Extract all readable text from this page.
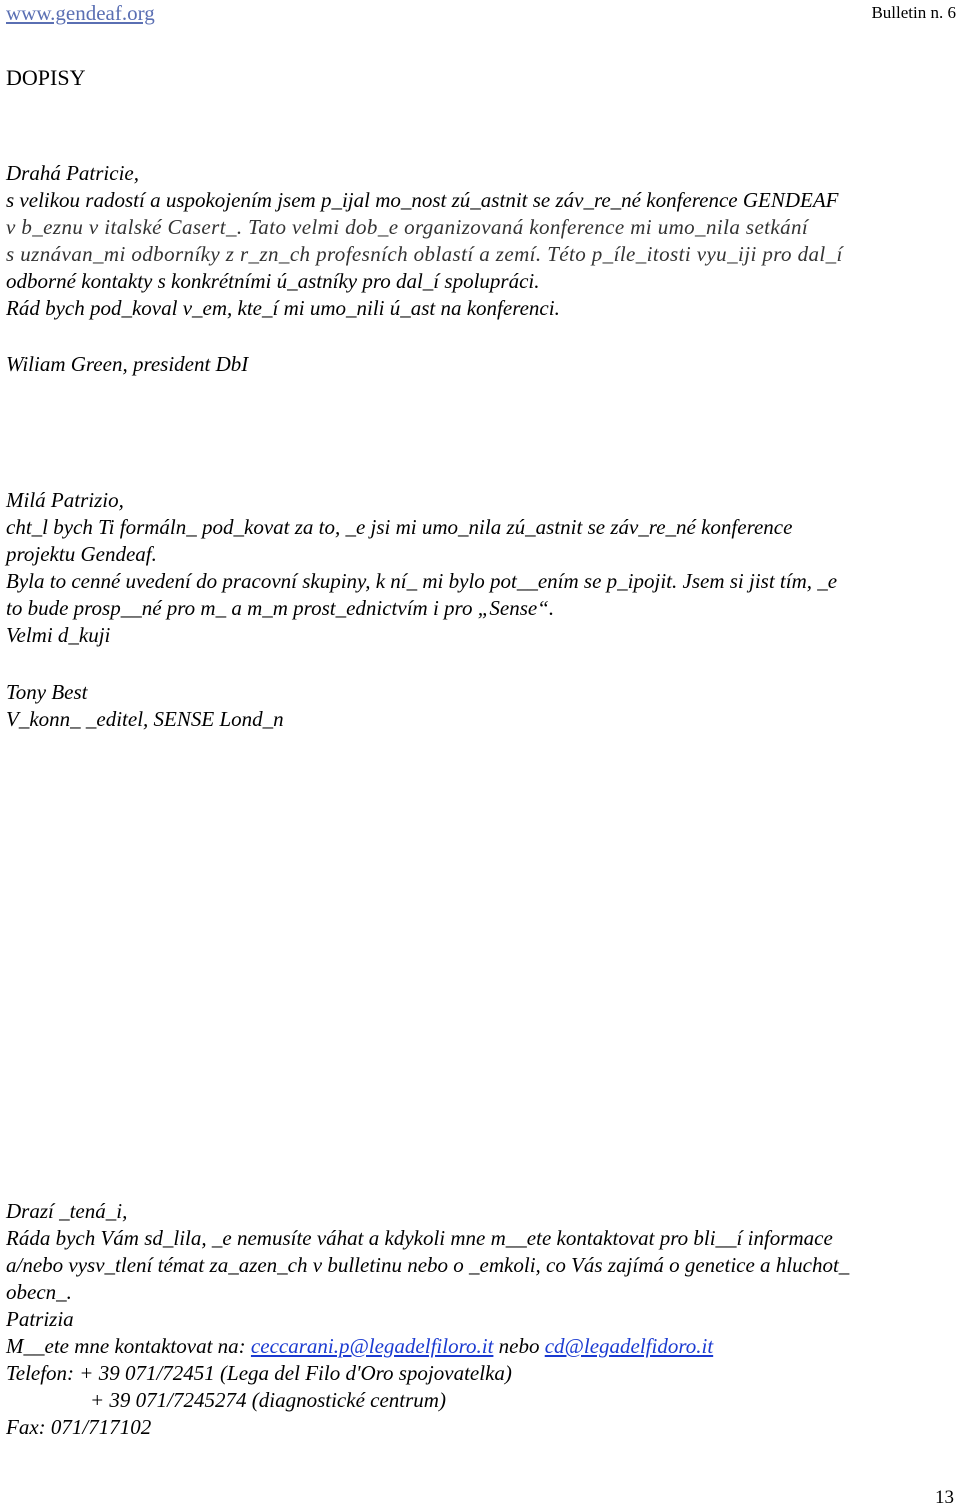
www.gendeaf.org	Bulletin n. 6
DOPISY
Drahá Patricie,
s velikou radostí a uspokojením jsem p_ijal mo_nost zú_astnit se záv_re_né konference GENDEAF
v b_eznu v italské Casert_. Tato velmi dob_e organizovaná konference mi umo_nila setkání
s uznávan_mi odborníky z r_zn_ch profesních oblastí a zemí. Této p_íle_itosti vyu_iji pro dal_í
odborné kontakty s konkrétními ú_astníky pro dal_í spolupráci.
Rád bych pod_koval v_em, kte_í mi umo_nili ú_ast na konferenci.
Wiliam Green, president DbI
Milá Patrizio,
cht_l bych Ti formáln_ pod_kovat za to, _e jsi mi umo_nila zú_astnit se záv_re_né konference
projektu Gendeaf.
Byla to cenné uvedení do pracovní skupiny, k ní_ mi bylo pot__ením se p_ipojit. Jsem si jist tím, _e
to bude prosp__né pro m_ a m_m prost_ednictvím i pro „Sense“.
Velmi d_kuji
Tony Best
V_konn_ _editel, SENSE Lond_n
Drazí _tená_i,
Ráda bych Vám sd_lila, _e nemusíte váhat a kdykoli mne m__ete kontaktovat pro bli__í informace
a/nebo vysv_tlení témat za_azen_ch v bulletinu nebo o _emkoli, co Vás zajímá o genetice a hluchot_
obecn_.
Patrizia
M__ete mne kontaktovat na: ceccarani.p@legadelfiloro.it nebo cd@legadelfidoro.it
Telefon: + 39 071/72451 (Lega del Filo d'Oro spojovatelka)
+ 39 071/7245274 (diagnostické centrum)
Fax: 071/717102
13
